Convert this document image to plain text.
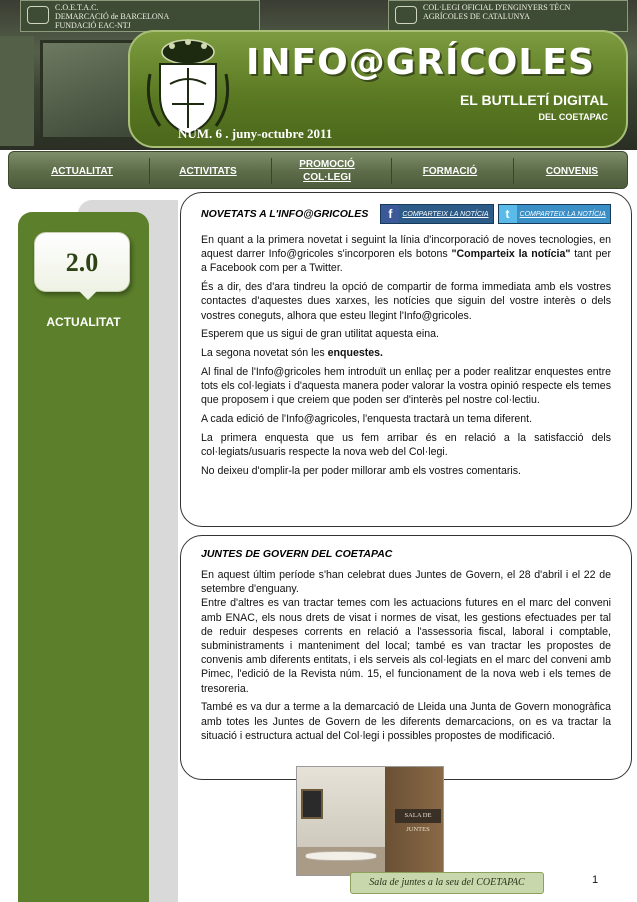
C.O.E.T.A.C.
DEMARCACIÓ de BARCELONA
FUNDACIÓ EAC-NTJ
COL·LEGI OFICIAL D'ENGINYERS TÈCN
AGRÍCOLES DE CATALUNYA
INFO@GRÍCOLES
EL BUTLLETÍ DIGITAL
DEL COETAPAC
NÚM. 6 . juny-octubre 2011
ACTUALITAT	ACTIVITATS
PROMOCIÓ COL·LEGI
FORMACIÓ	CONVENIS
2.0
ACTUALITAT
NOVETATS A L'INFO@GRICOLES	f	COMPARTEIX LA NOTÍCIA	t	COMPARTEIX LA NOTÍCIA

En quant a la primera novetat i seguint la línia d'incorporació de noves tecnologies, en aquest darrer Info@gricoles s'incorporen els botons "Comparteix la notícia" tant per a Facebook com per a Twitter.

És a dir, des d'ara tindreu la opció de compartir de forma immediata amb els vostres contactes d'aquestes dues xarxes, les notícies que siguin del vostre interès o dels vostres coneguts, alhora que esteu llegint l'Info@gricoles.

Esperem que us sigui de gran utilitat aquesta eina.

La segona novetat són les enquestes.

Al final de l'Info@gricoles hem introduït un enllaç per a poder realitzar enquestes entre tots els col·legiats i d'aquesta manera poder valorar la vostra opinió respecte els temes que proposem i que creiem que poden ser d'interès pel nostre col·lectiu.

A cada edició de l'Info@agricoles, l'enquesta tractarà un tema diferent.

La primera enquesta que us fem arribar és en relació a la satisfacció dels col·legiats/usuaris respecte la nova web del Col·legi.

No deixeu d'omplir-la per poder millorar amb els vostres comentaris.

JUNTES DE GOVERN DEL COETAPAC

En aquest últim període s'han celebrat dues Juntes de Govern, el 28 d'abril i el 22 de setembre d'enguany.

Entre d'altres es van tractar temes com les actuacions futures en el marc del conveni amb ENAC, els nous drets de visat i normes de visat, les gestions efectuades per tal de reduir despeses corrents en relació a l'assessoria fiscal, laboral i comptable, subministraments i manteniment del local; també es van tractar les propostes de convenis amb diferents entitats, i els serveis als col·legiats en el marc del conveni amb Pimec, l'edició de la Revista núm. 15, el funcionament de la nova web i els temes de tresoreria.

També es va dur a terme a la demarcació de Lleida una Junta de Govern monogràfica amb totes les Juntes de Govern de les diferents demarcacions, on es va tractar la situació i estructura actual del Col·legi i possibles propostes de modificació.

SALA DE JUNTES
Sala de juntes a la seu del COETAPAC	1
